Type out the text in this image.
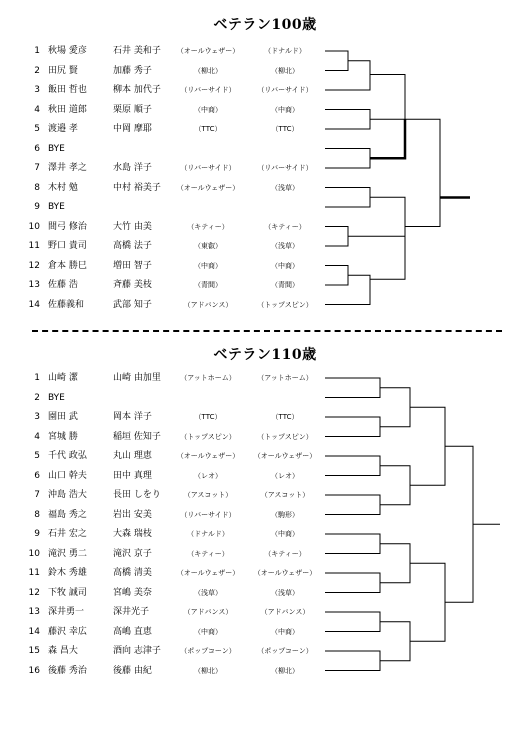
ベテラン100歳
1 秋場 愛彦	石井 美和子	（オールウェザー）	（ドナルド）
2 田尻 賢	加藤 秀子	（柳北）	（柳北）
3 飯田 哲也	柳本 加代子	（リバーサイド）	（リバーサイド）
4 秋田 道郎	栗原 順子	（中商）	（中商）
5 渡邉 孝	中岡 摩耶	（TTC）	（TTC）
6 BYE
7 澤井 孝之	水島 洋子	（リバーサイド）	（リバーサイド）
8 木村 勉	中村 裕美子	（オールウェザー）	（浅草）
9 BYE
10 間弓 修治	大竹 由美	（キティー）	（キティー）
11 野口 貴司	高橋 法子	（東叡）	（浅草）
12 倉本 勝巳	増田 智子	（中商）	（中商）
13 佐藤 浩	斉藤 美枝	（青間）	（青間）
14 佐藤義和	武部 知子	（アドバンス）	（トップスピン）
ベテラン110歳
1 山崎 潔	山崎 由加里	（アットホーム）	（アットホーム）
2 BYE
3 園田 武	岡本 洋子	（TTC）	（TTC）
4 宮城 勝	稲垣 佐知子	（トップスピン）	（トップスピン）
5 千代 政弘	丸山 理恵	（オールウェザー）	（オールウェザー）
6 山口 幹夫	田中 真理	（レオ）	（レオ）
7 沖島 浩大	長田 しをり	（アスコット）	（アスコット）
8 福島 秀之	岩出 安美	（リバーサイド）	（駒形）
9 石井 宏之	大森 瑞枝	（ドナルド）	（中商）
10 滝沢 勇二	滝沢 京子	（キティー）	（キティー）
11 鈴木 秀雄	高橋 清美	（オールウェザー）	（オールウェザー）
12 下牧 誠司	宮嶋 美奈	（浅草）	（浅草）
13 深井勇一	深井光子	（アドバンス）	（アドバンス）
14 藤沢 幸広	高嶋 直恵	（中商）	（中商）
15 森 昌大	酒向 志津子	（ポップコーン）	（ポップコーン）
16 後藤 秀治	後藤 由紀	（柳北）	（柳北）
